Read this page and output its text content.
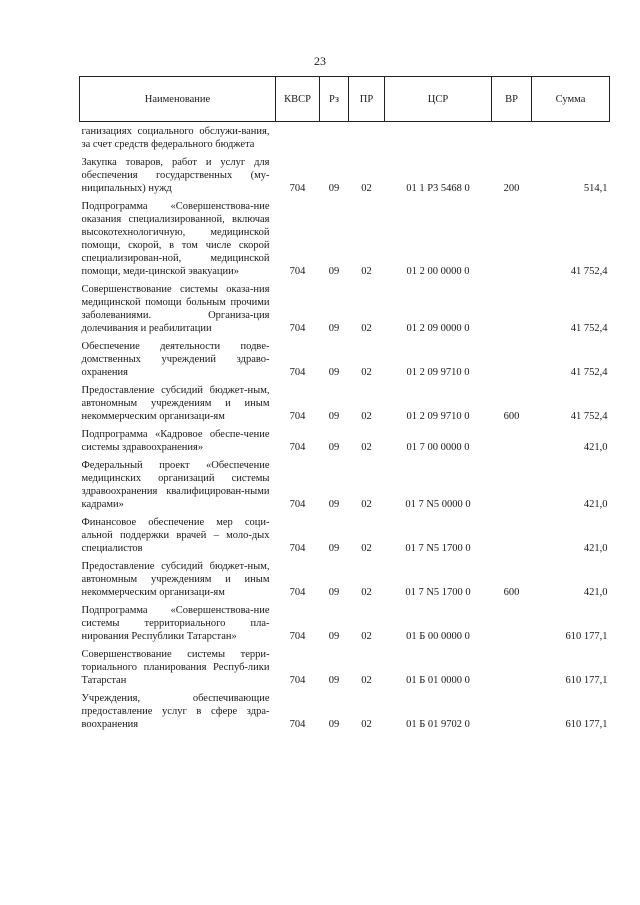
23
Наименование	КВСР	Рз	ПР	ЦСР	ВР	Сумма
ганизациях социального обслужи-вания, за счет средств федерального бюджета						
Закупка товаров, работ и услуг для обеспечения государственных (му-ниципальных) нужд	704	09	02	01 1 P3 5468 0	200	514,1
Подпрограмма «Совершенствова-ние оказания специализированной, включая высокотехнологичную, медицинской помощи, скорой, в том числе скорой специализирован-ной, медицинской помощи, меди-цинской эвакуации»	704	09	02	01 2 00 0000 0		41 752,4
Совершенствование системы оказа-ния медицинской помощи больным прочими заболеваниями. Организа-ция долечивания и реабилитации	704	09	02	01 2 09 0000 0		41 752,4
Обеспечение деятельности подве-домственных учреждений здраво-охранения	704	09	02	01 2 09 9710 0		41 752,4
Предоставление субсидий бюджет-ным, автономным учреждениям и иным некоммерческим организаци-ям	704	09	02	01 2 09 9710 0	600	41 752,4
Подпрограмма «Кадровое обеспе-чение системы здравоохранения»	704	09	02	01 7 00 0000 0		421,0
Федеральный проект «Обеспечение медицинских организаций системы здравоохранения квалифицирован-ными кадрами»	704	09	02	01 7 N5 0000 0		421,0
Финансовое обеспечение мер соци-альной поддержки врачей – моло-дых специалистов	704	09	02	01 7 N5 1700 0		421,0
Предоставление субсидий бюджет-ным, автономным учреждениям и иным некоммерческим организаци-ям	704	09	02	01 7 N5 1700 0	600	421,0
Подпрограмма «Совершенствова-ние системы территориального пла-нирования Республики Татарстан»	704	09	02	01 Б 00 0000 0		610 177,1
Совершенствование системы терри-ториального планирования Респуб-лики Татарстан	704	09	02	01 Б 01 0000 0		610 177,1
Учреждения, обеспечивающие предоставление услуг в сфере здра-воохранения	704	09	02	01 Б 01 9702 0		610 177,1
